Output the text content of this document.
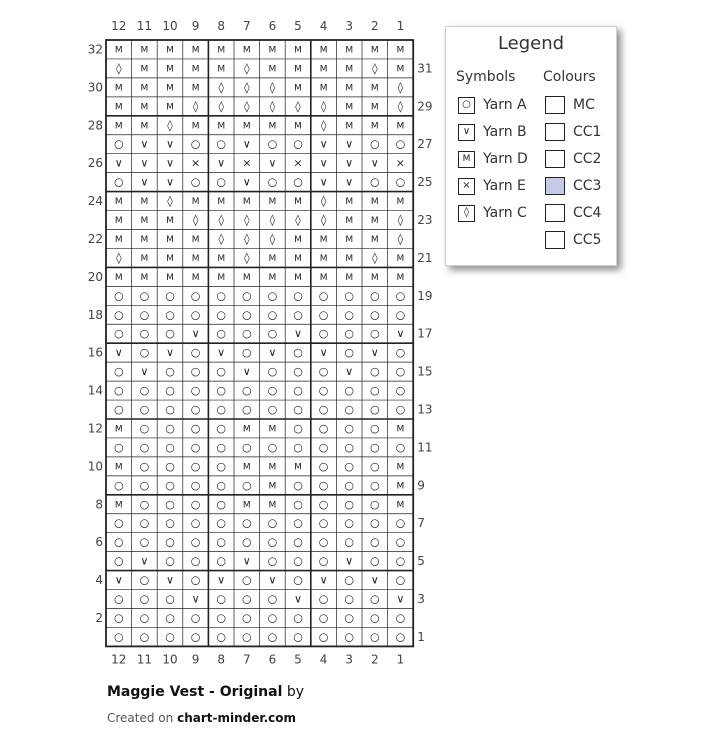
M M M M M M M M M M M M
◊ M M M M ◊ M M M M ◊ M
M M M M ◊ ◊ ◊ M M M M ◊
M M M ◊ ◊ ◊ ◊ ◊ ◊ M M ◊
M M ◊ M M M M M ◊ M M M
○ ∨ ∨ ○ ○ ∨ ○ ○ ∨ ∨ ○ ○
∨ ∨ ∨ × ∨ × ∨ × ∨ ∨ ∨ ×
○ ∨ ∨ ○ ○ ∨ ○ ○ ∨ ∨ ○ ○
M M ◊ M M M M M ◊ M M M
M M M ◊ ◊ ◊ ◊ ◊ ◊ M M ◊
M M M M ◊ ◊ ◊ M M M M ◊
◊ M M M M ◊ M M M M ◊ M
M M M M M M M M M M M M
○ ○ ○ ○ ○ ○ ○ ○ ○ ○ ○ ○
○ ○ ○ ○ ○ ○ ○ ○ ○ ○ ○ ○
○ ○ ○ ∨ ○ ○ ○ ∨ ○ ○ ○ ∨
∨ ○ ∨ ○ ∨ ○ ∨ ○ ∨ ○ ∨ ○
○ ∨ ○ ○ ○ ∨ ○ ○ ○ ∨ ○ ○
○ ○ ○ ○ ○ ○ ○ ○ ○ ○ ○ ○
○ ○ ○ ○ ○ ○ ○ ○ ○ ○ ○ ○
M ○ ○ ○ ○ M M ○ ○ ○ ○ M
○ ○ ○ ○ ○ ○ ○ ○ ○ ○ ○ ○
M ○ ○ ○ ○ M M M ○ ○ ○ M
○ ○ ○ ○ ○ ○ M ○ ○ ○ ○ M
M ○ ○ ○ ○ M M ○ ○ ○ ○ M
○ ○ ○ ○ ○ ○ ○ ○ ○ ○ ○ ○
○ ○ ○ ○ ○ ○ ○ ○ ○ ○ ○ ○
○ ∨ ○ ○ ○ ∨ ○ ○ ○ ∨ ○ ○
∨ ○ ∨ ○ ∨ ○ ∨ ○ ∨ ○ ∨ ○
○ ○ ○ ∨ ○ ○ ○ ∨ ○ ○ ○ ∨
○ ○ ○ ○ ○ ○ ○ ○ ○ ○ ○ ○
○ ○ ○ ○ ○ ○ ○ ○ ○ ○ ○ ○
12
12
11
11
10
10
9
9
8
8
7
7
6
6
5
5
4
4
3
3
2
2
1
1
32
30
28
26
24
22
20
18
16
14
12
10
8
6
4
2
31
29
27
25
23
21
19
17
15
13
11
9
7
5
3
1
Legend
Symbols Colours
○ Yarn A
∨ Yarn B
M Yarn D
× Yarn E
◊	Yarn C
MC
CC1
CC2
CC3
CC4
CC5
Maggie Vest - Original by
Created on chart-minder.com
